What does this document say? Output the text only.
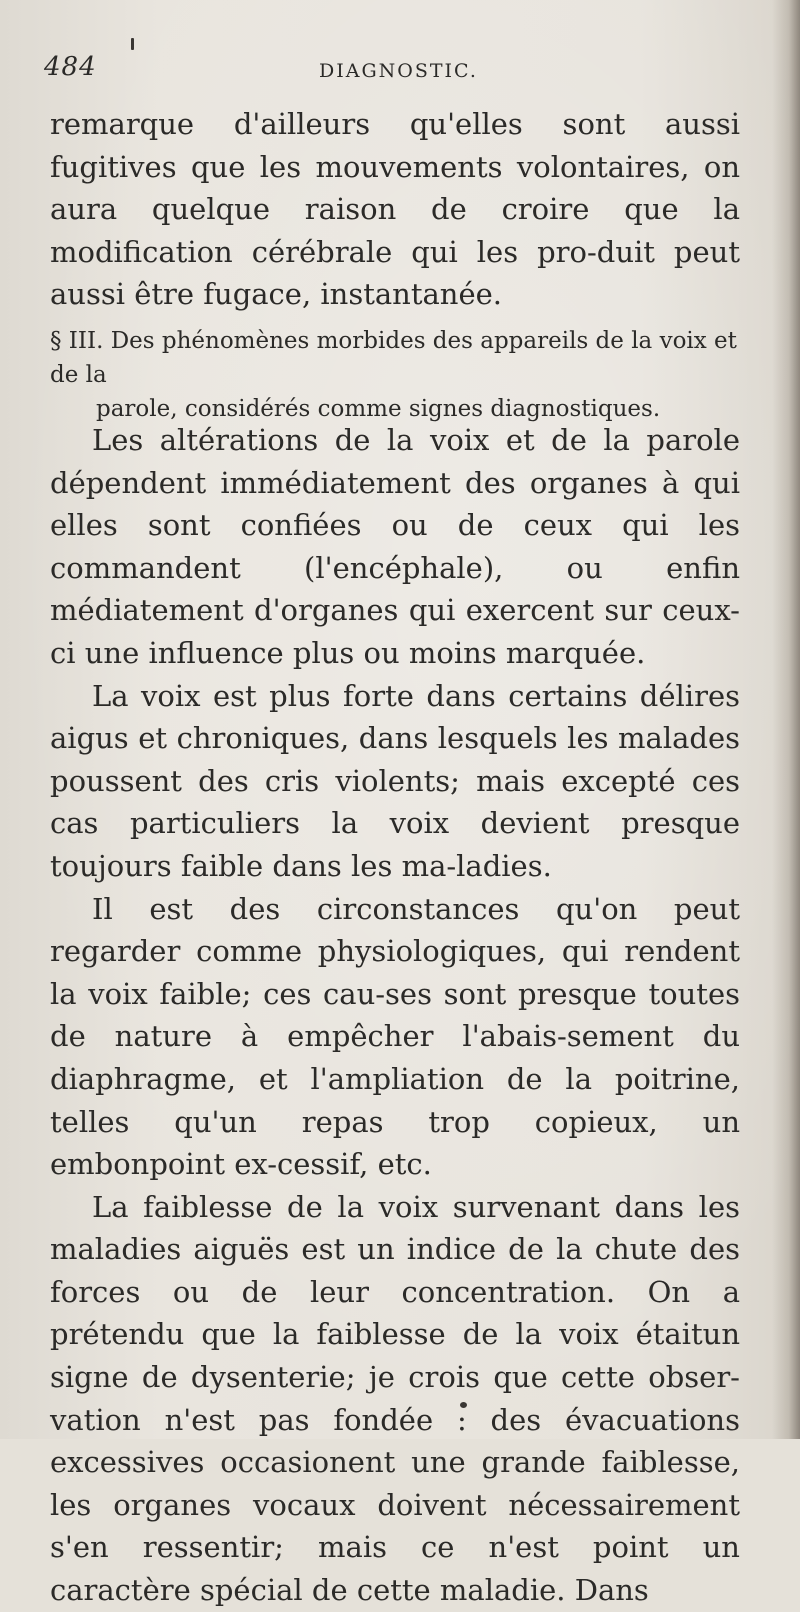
484	DIAGNOSTIC.
remarque d'ailleurs qu'elles sont aussi fugitives que les mouvements volontaires, on aura quelque raison de croire que la modification cérébrale qui les pro-duit peut aussi être fugace, instantanée.
§ III. Des phénomènes morbides des appareils de la voix et de la
parole, considérés comme signes diagnostiques.

Les altérations de la voix et de la parole dépendent immédiatement des organes à qui elles sont confiées ou de ceux qui les commandent (l'encéphale), ou enfin médiatement d'organes qui exercent sur ceux-ci une influence plus ou moins marquée.

La voix est plus forte dans certains délires aigus et chroniques, dans lesquels les malades poussent des cris violents; mais excepté ces cas particuliers la voix devient presque toujours faible dans les ma-ladies.

Il est des circonstances qu'on peut regarder comme physiologiques, qui rendent la voix faible; ces cau-ses sont presque toutes de nature à empêcher l'abais-sement du diaphragme, et l'ampliation de la poitrine, telles qu'un repas trop copieux, un embonpoint ex-cessif, etc.

La faiblesse de la voix survenant dans les maladies aiguës est un indice de la chute des forces ou de leur concentration. On a prétendu que la faiblesse de la voix étaitun signe de dysenterie; je crois que cette obser-vation n'est pas fondée : des évacuations excessives occasionent une grande faiblesse, les organes vocaux doivent nécessairement s'en ressentir; mais ce n'est point un caractère spécial de cette maladie. Dans
